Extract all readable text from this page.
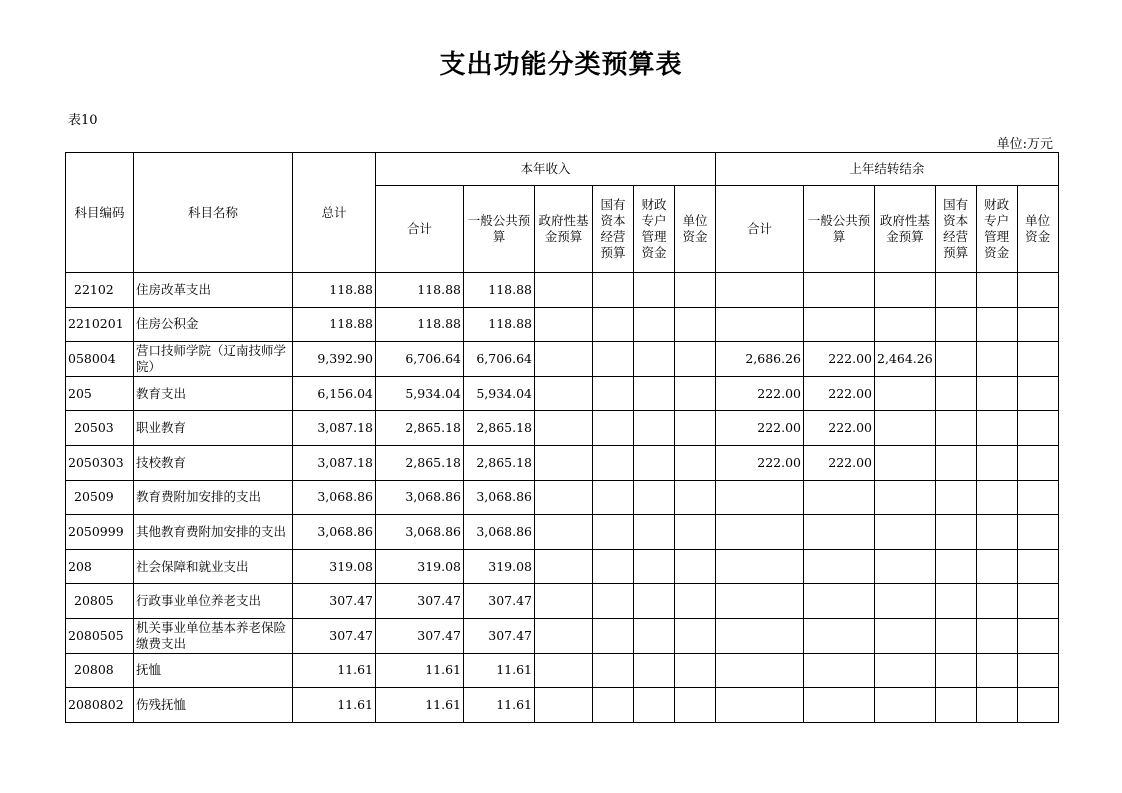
支出功能分类预算表
表10
单位:万元
科目编码	科目名称	总计	本年收入						上年结转结余					
			合计	一般公共预算	政府性基金预算	国有资本经营预算	财政专户管理资金	单位资金	合计	一般公共预算	政府性基金预算	国有资本经营预算	财政专户管理资金	单位资金
22102	住房改革支出	118.88	118.88	118.88										
2210201	住房公积金	118.88	118.88	118.88										
058004	营口技师学院（辽南技师学院）	9,392.90	6,706.64	6,706.64					2,686.26	222.00	2,464.26			
205	教育支出	6,156.04	5,934.04	5,934.04					222.00	222.00				
20503	职业教育	3,087.18	2,865.18	2,865.18					222.00	222.00				
2050303	技校教育	3,087.18	2,865.18	2,865.18					222.00	222.00				
20509	教育费附加安排的支出	3,068.86	3,068.86	3,068.86										
2050999	其他教育费附加安排的支出	3,068.86	3,068.86	3,068.86										
208	社会保障和就业支出	319.08	319.08	319.08										
20805	行政事业单位养老支出	307.47	307.47	307.47										
2080505	机关事业单位基本养老保险缴费支出	307.47	307.47	307.47										
20808	抚恤	11.61	11.61	11.61										
2080802	伤残抚恤	11.61	11.61	11.61										
